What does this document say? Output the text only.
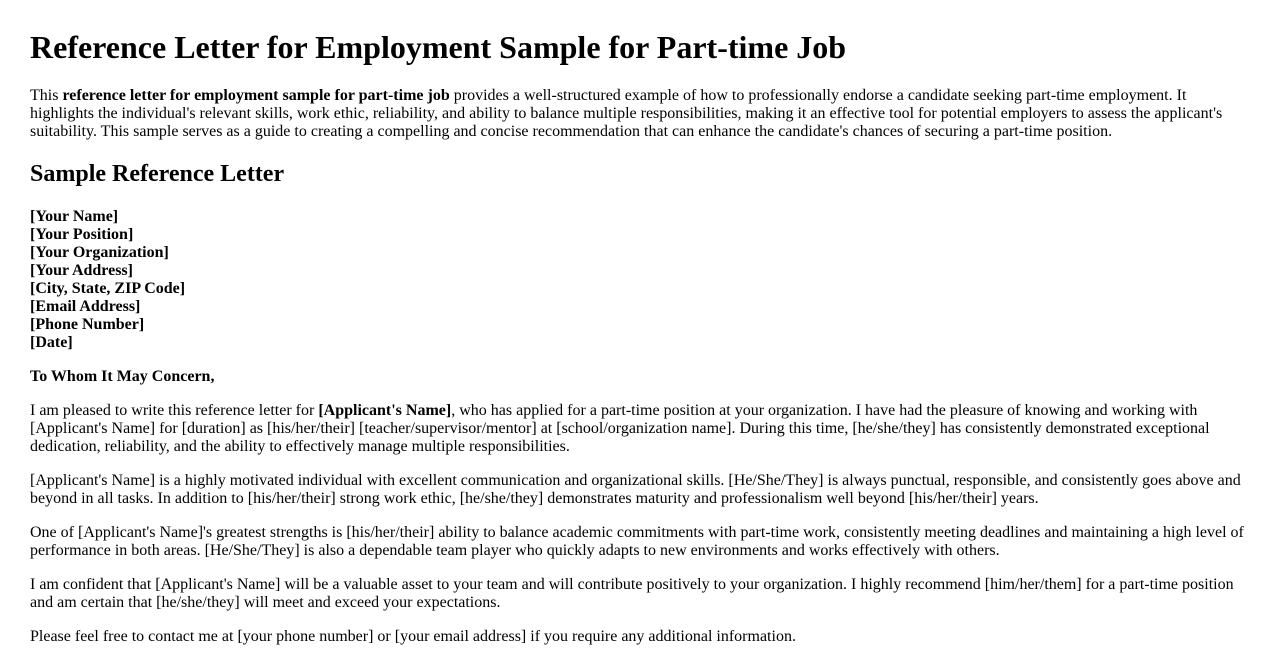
Reference Letter for Employment Sample for Part-time Job

This reference letter for employment sample for part-time job provides a well-structured example of how to professionally endorse a candidate seeking part-time employment. It highlights the individual's relevant skills, work ethic, reliability, and ability to balance multiple responsibilities, making it an effective tool for potential employers to assess the applicant's suitability. This sample serves as a guide to creating a compelling and concise recommendation that can enhance the candidate's chances of securing a part-time position.

Sample Reference Letter

[Your Name]
[Your Position]
[Your Organization]
[Your Address]
[City, State, ZIP Code]
[Email Address]
[Phone Number]
[Date]

To Whom It May Concern,

I am pleased to write this reference letter for [Applicant's Name], who has applied for a part-time position at your organization. I have had the pleasure of knowing and working with [Applicant's Name] for [duration] as [his/her/their] [teacher/supervisor/mentor] at [school/organization name]. During this time, [he/she/they] has consistently demonstrated exceptional dedication, reliability, and the ability to effectively manage multiple responsibilities.

[Applicant's Name] is a highly motivated individual with excellent communication and organizational skills. [He/She/They] is always punctual, responsible, and consistently goes above and beyond in all tasks. In addition to [his/her/their] strong work ethic, [he/she/they] demonstrates maturity and professionalism well beyond [his/her/their] years.

One of [Applicant's Name]'s greatest strengths is [his/her/their] ability to balance academic commitments with part-time work, consistently meeting deadlines and maintaining a high level of performance in both areas. [He/She/They] is also a dependable team player who quickly adapts to new environments and works effectively with others.

I am confident that [Applicant's Name] will be a valuable asset to your team and will contribute positively to your organization. I highly recommend [him/her/them] for a part-time position and am certain that [he/she/they] will meet and exceed your expectations.

Please feel free to contact me at [your phone number] or [your email address] if you require any additional information.
